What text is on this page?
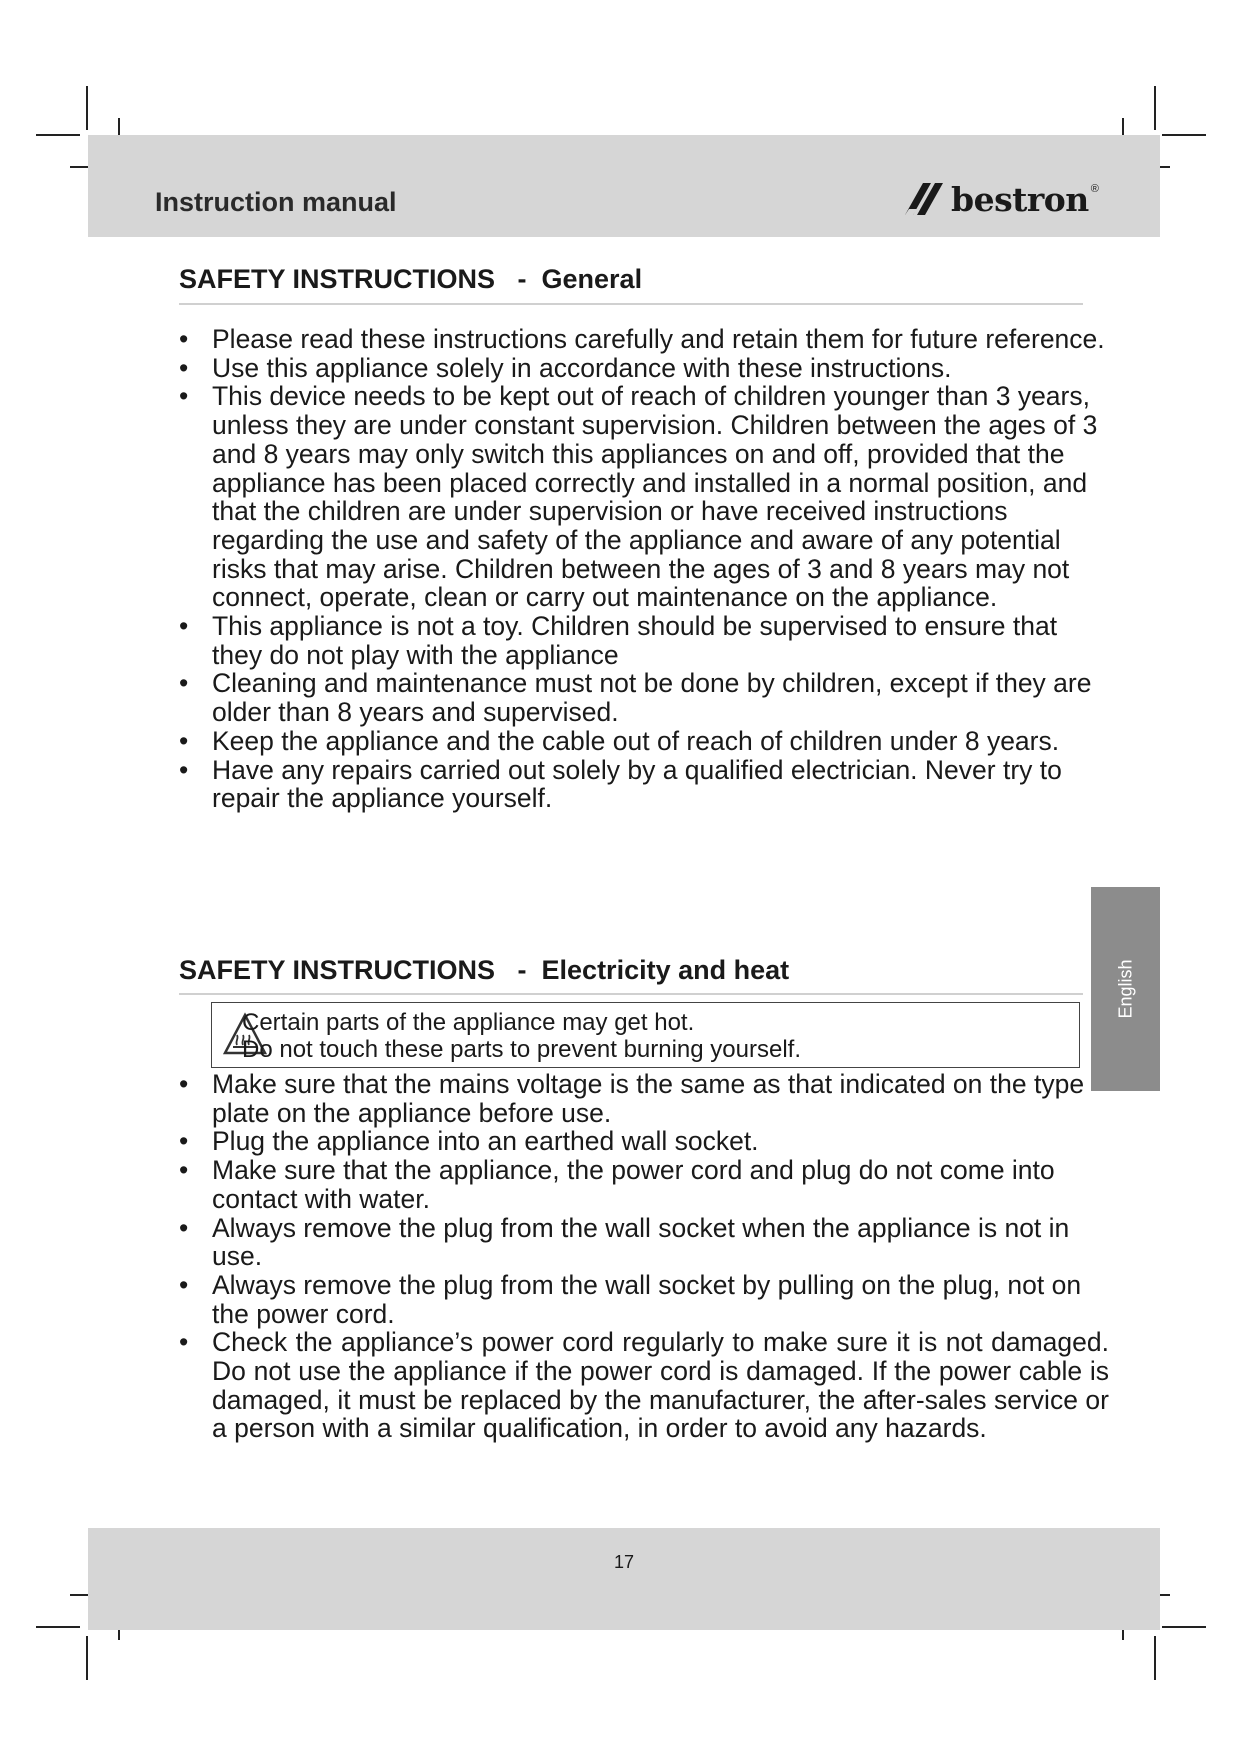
Instruction manual	bestron ®
SAFETY INSTRUCTIONS   -  General
• Please read these instructions carefully and retain them for future reference.
• Use this appliance solely in accordance with these instructions.
• This device needs to be kept out of reach of children younger than 3 years, unless they are under constant supervision. Children between the ages of 3 and 8 years may only switch this appliances on and off, provided that the appliance has been placed correctly and installed in a normal position, and that the children are under supervision or have received instructions regarding the use and safety of the appliance and aware of any potential risks that may arise. Children between the ages of 3 and 8 years may not connect, operate, clean or carry out maintenance on the appliance.
• This appliance is not a toy. Children should be supervised to ensure that they do not play with the appliance
• Cleaning and maintenance must not be done by children, except if they are older than 8 years and supervised.
• Keep the appliance and the cable out of reach of children under 8 years.
• Have any repairs carried out solely by a qualified electrician. Never try to repair the appliance yourself.
SAFETY INSTRUCTIONS   -  Electricity and heat
Certain parts of the appliance may get hot.
Do not touch these parts to prevent burning yourself.
• Make sure that the mains voltage is the same as that indicated on the type plate on the appliance before use.
• Plug the appliance into an earthed wall socket.
• Make sure that the appliance, the power cord and plug do not come into contact with water.
• Always remove the plug from the wall socket when the appliance is not in use.
• Always remove the plug from the wall socket by pulling on the plug, not on the power cord.
• Check the appliance’s power cord regularly to make sure it is not damaged. Do not use the appliance if the power cord is damaged. If the power cable is damaged, it must be replaced by the manufacturer, the after-sales service or a person with a similar qualification, in order to avoid any hazards.
English
17
